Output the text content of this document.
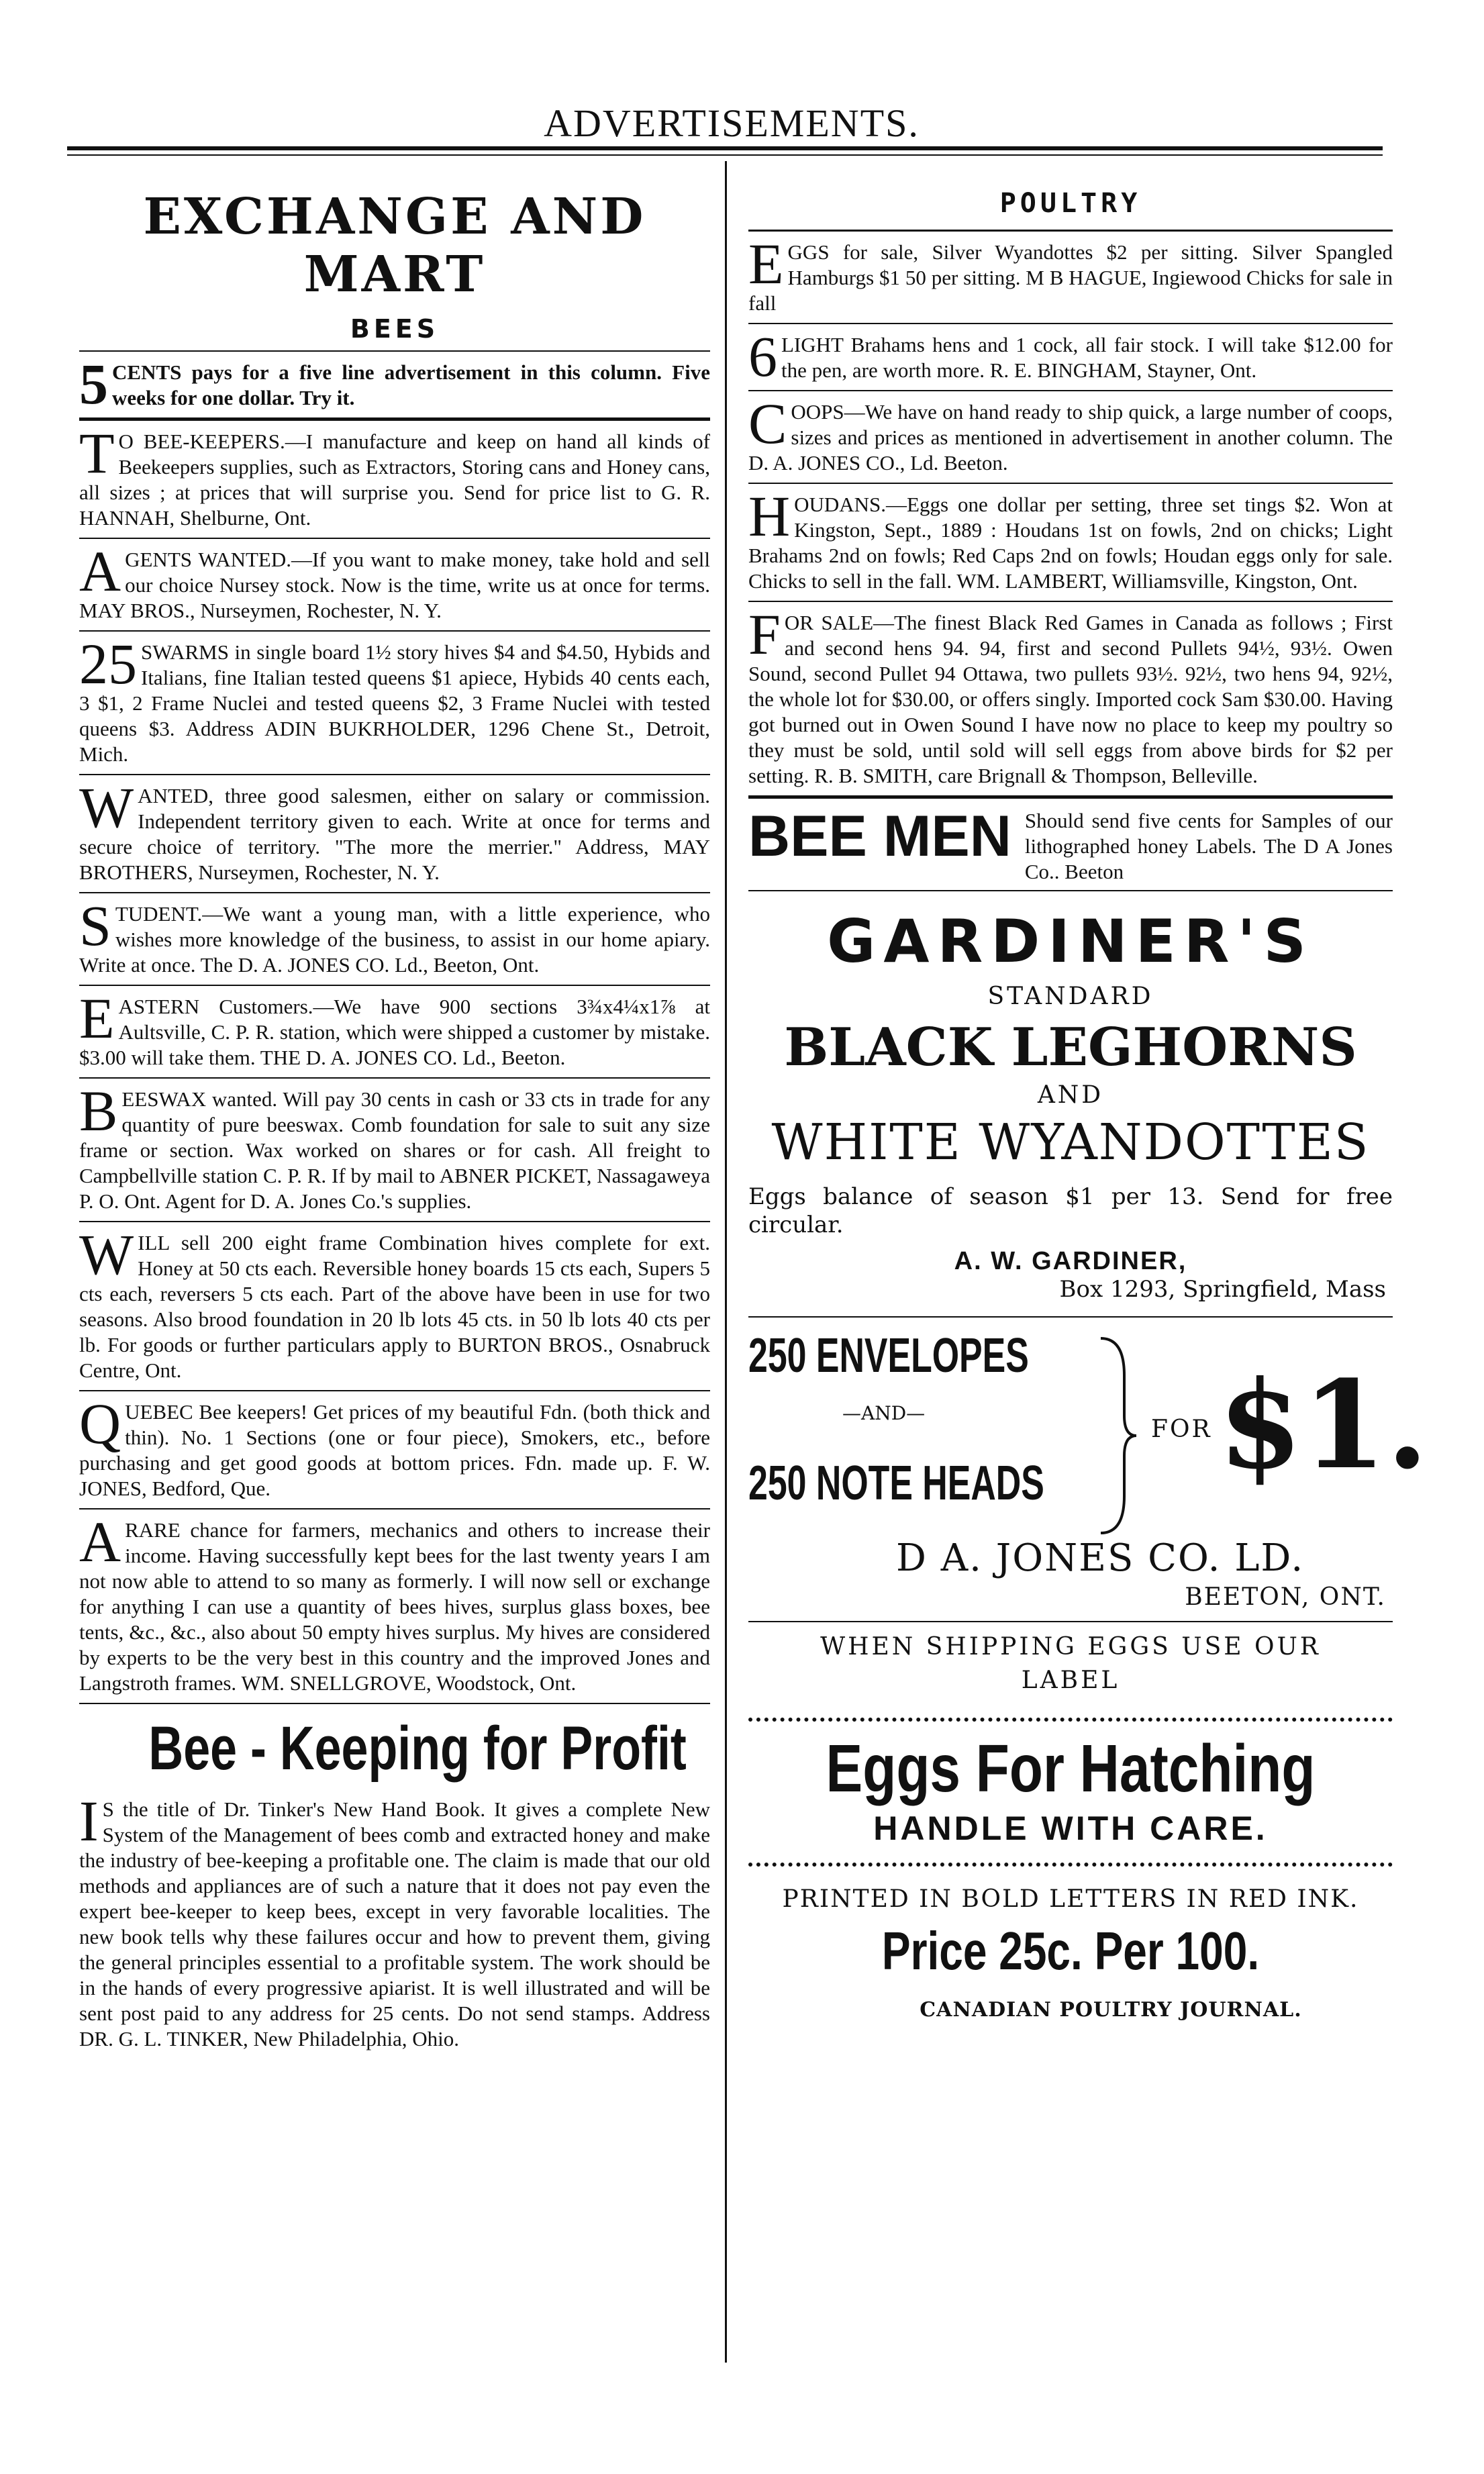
ADVERTISEMENTS.
EXCHANGE AND MART
BEES

5 CENTS pays for a five line advertisement in this column. Five weeks for one dollar. Try it.

T O BEE-KEEPERS.—I manufacture and keep on hand all kinds of Beekeepers supplies, such as Extractors, Storing cans and Honey cans, all sizes ; at prices that will surprise you. Send for price list to G. R. HANNAH, Shelburne, Ont.

AGENTS WANTED.—If you want to make money, take hold and sell our choice Nursey stock. Now is the time, write us at once for terms. MAY BROS., Nurseymen, Rochester, N. Y.

25 SWARMS in single board 1½ story hives $4 and $4.50, Hybids and Italians, fine Italian tested queens $1 apiece, Hybids 40 cents each, 3 $1, 2 Frame Nuclei and tested queens $2, 3 Frame Nuclei with tested queens $3. Address ADIN BUKRHOLDER, 1296 Chene St., Detroit, Mich.

WANTED, three good salesmen, either on salary or commission. Independent territory given to each. Write at once for terms and secure choice of territory. "The more the merrier." Address, MAY BROTHERS, Nurseymen, Rochester, N. Y.

STUDENT.—We want a young man, with a little experience, who wishes more knowledge of the business, to assist in our home apiary. Write at once. The D. A. JONES CO. Ld., Beeton, Ont.

EASTERN Customers.—We have 900 sections 3¾x4¼x1⅞ at Aultsville, C. P. R. station, which were shipped a customer by mistake. $3.00 will take them. THE D. A. JONES CO. Ld., Beeton.

BEESWAX wanted. Will pay 30 cents in cash or 33 cts in trade for any quantity of pure beeswax. Comb foundation for sale to suit any size frame or section. Wax worked on shares or for cash. All freight to Campbellville station C. P. R. If by mail to ABNER PICKET, Nassagaweya P. O. Ont. Agent for D. A. Jones Co.'s supplies.

WILL sell 200 eight frame Combination hives complete for ext. Honey at 50 cts each. Reversible honey boards 15 cts each, Supers 5 cts each, reversers 5 cts each. Part of the above have been in use for two seasons. Also brood foundation in 20 lb lots 45 cts. in 50 lb lots 40 cts per lb. For goods or further particulars apply to BURTON BROS., Osnabruck Centre, Ont.

QUEBEC Bee keepers! Get prices of my beautiful Fdn. (both thick and thin). No. 1 Sections (one or four piece), Smokers, etc., before purchasing and get good goods at bottom prices. Fdn. made up. F. W. JONES, Bedford, Que.

A RARE chance for farmers, mechanics and others to increase their income. Having successfully kept bees for the last twenty years I am not now able to attend to so many as formerly. I will now sell or exchange for anything I can use a quantity of bees hives, surplus glass boxes, bee tents, &c., &c., also about 50 empty hives surplus. My hives are considered by experts to be the very best in this country and the improved Jones and Langstroth frames. WM. SNELLGROVE, Woodstock, Ont.

Bee - Keeping for Profit

I S the title of Dr. Tinker's New Hand Book. It gives a complete New System of the Management of bees comb and extracted honey and make the industry of bee-keeping a profitable one. The claim is made that our old methods and appliances are of such a nature that it does not pay even the expert bee-keeper to keep bees, except in very favorable localities. The new book tells why these failures occur and how to prevent them, giving the general principles essential to a profitable system. The work should be in the hands of every progressive apiarist. It is well illustrated and will be sent post paid to any address for 25 cents. Do not send stamps. Address DR. G. L. TINKER, New Philadelphia, Ohio.

POULTRY

EGGS for sale, Silver Wyandottes $2 per sitting. Silver Spangled Hamburgs $1 50 per sitting. M B HAGUE, Ingiewood Chicks for sale in fall

6 LIGHT Brahams hens and 1 cock, all fair stock. I will take $12.00 for the pen, are worth more. R. E. BINGHAM, Stayner, Ont.

COOPS—We have on hand ready to ship quick, a large number of coops, sizes and prices as mentioned in advertisement in another column. The D. A. JONES CO., Ld. Beeton.

HOUDANS.—Eggs one dollar per setting, three set tings $2. Won at Kingston, Sept., 1889 : Houdans 1st on fowls, 2nd on chicks; Light Brahams 2nd on fowls; Red Caps 2nd on fowls; Houdan eggs only for sale. Chicks to sell in the fall. WM. LAMBERT, Williamsville, Kingston, Ont.

FOR SALE—The finest Black Red Games in Canada as follows ; First and second hens 94. 94, first and second Pullets 94½, 93½. Owen Sound, second Pullet 94 Ottawa, two pullets 93½. 92½, two hens 94, 92½, the whole lot for $30.00, or offers singly. Imported cock Sam $30.00. Having got burned out in Owen Sound I have now no place to keep my poultry so they must be sold, until sold will sell eggs from above birds for $2 per setting. R. B. SMITH, care Brignall & Thompson, Belleville.

BEE MEN Should send five cents for Samples of our lithographed honey Labels. The D A Jones Co.. Beeton

GARDINER'S
STANDARD
BLACK LEGHORNS
AND
WHITE WYANDOTTES

Eggs balance of season $1 per 13. Send for free circular.

A. W. GARDINER,
Box 1293, Springfield, Mass
250 ENVELOPES
—AND—
250 NOTE HEADS
FOR $1.
D A. JONES CO. LD.
BEETON, ONT.
WHEN SHIPPING EGGS USE OUR LABEL
Eggs For Hatching
HANDLE WITH CARE.
PRINTED IN BOLD LETTERS IN RED INK.
Price 25c. Per 100.
CANADIAN POULTRY JOURNAL.
